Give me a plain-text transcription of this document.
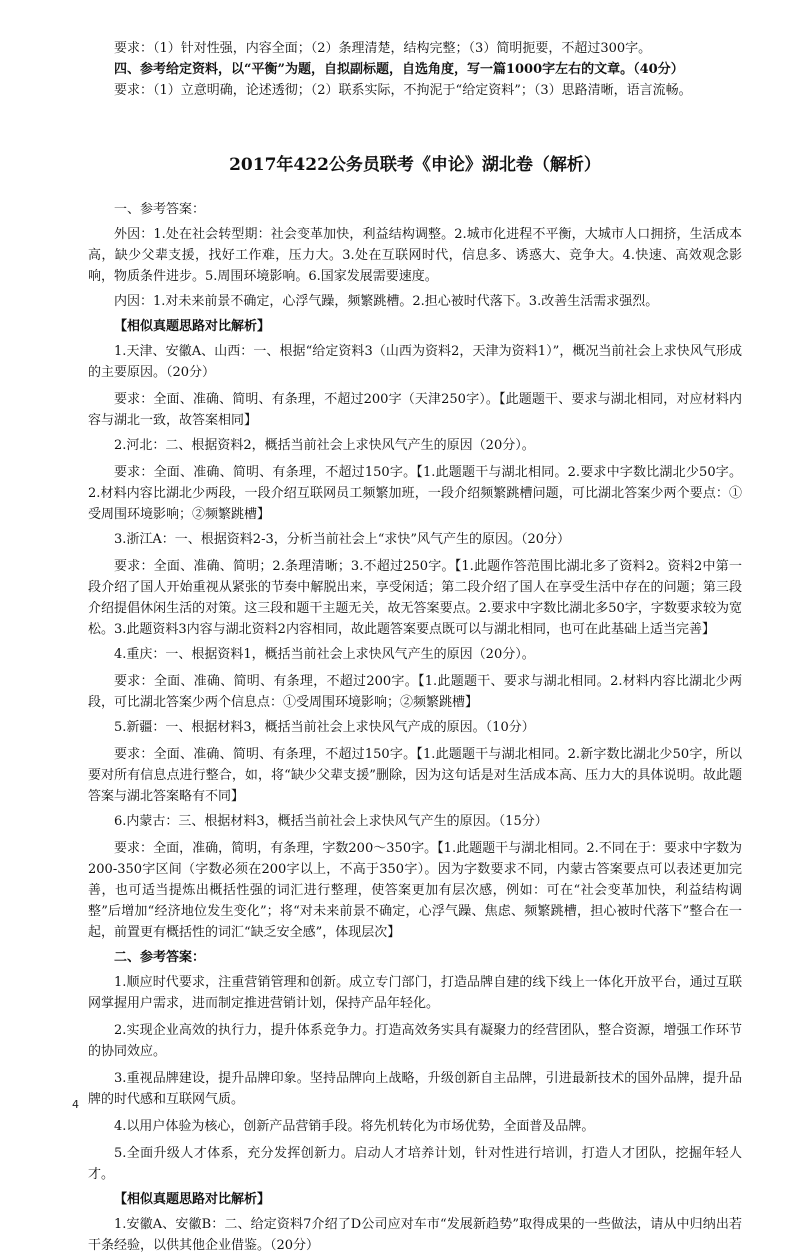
要求：（1）针对性强，内容全面；（2）条理清楚，结构完整；（3）简明扼要，不超过300字。

四、参考给定资料，以“平衡”为题，自拟副标题，自选角度，写一篇1000字左右的文章。（40分）

要求：（1）立意明确，论述透彻；（2）联系实际，不拘泥于“给定资料”；（3）思路清晰，语言流畅。

2017年422公务员联考《申论》湖北卷（解析）

一、参考答案：

外因：1.处在社会转型期：社会变革加快，利益结构调整。2.城市化进程不平衡，大城市人口拥挤，生活成本高，缺少父辈支援，找好工作难，压力大。3.处在互联网时代，信息多、诱惑大、竞争大。4.快速、高效观念影响，物质条件进步。5.周围环境影响。6.国家发展需要速度。

内因：1.对未来前景不确定，心浮气躁，频繁跳槽。2.担心被时代落下。3.改善生活需求强烈。

【相似真题思路对比解析】

1.天津、安徽A、山西：一、根据“给定资料3（山西为资料2，天津为资料1）”，概况当前社会上求快风气形成的主要原因。（20分）

要求：全面、准确、简明、有条理，不超过200字（天津250字）。【此题题干、要求与湖北相同，对应材料内容与湖北一致，故答案相同】

2.河北：二、根据资料2，概括当前社会上求快风气产生的原因（20分）。

要求：全面、准确、简明、有条理，不超过150字。【1.此题题干与湖北相同。2.要求中字数比湖北少50字。2.材料内容比湖北少两段，一段介绍互联网员工频繁加班，一段介绍频繁跳槽问题，可比湖北答案少两个要点：①受周围环境影响；②频繁跳槽】

3.浙江A：一、根据资料2-3，分析当前社会上“求快”风气产生的原因。（20分）

要求：全面、准确、简明；2.条理清晰；3.不超过250字。【1.此题作答范围比湖北多了资料2。资料2中第一段介绍了国人开始重视从紧张的节奏中解脱出来，享受闲适；第二段介绍了国人在享受生活中存在的问题；第三段介绍提倡休闲生活的对策。这三段和题干主题无关，故无答案要点。2.要求中字数比湖北多50字，字数要求较为宽松。3.此题资料3内容与湖北资料2内容相同，故此题答案要点既可以与湖北相同，也可在此基础上适当完善】

4.重庆：一、根据资料1，概括当前社会上求快风气产生的原因（20分）。

要求：全面、准确、简明、有条理，不超过200字。【1.此题题干、要求与湖北相同。2.材料内容比湖北少两段，可比湖北答案少两个信息点：①受周围环境影响；②频繁跳槽】

5.新疆：一、根据材料3，概括当前社会上求快风气产成的原因。（10分）

要求：全面、准确、简明、有条理，不超过150字。【1.此题题干与湖北相同。2.新字数比湖北少50字，所以要对所有信息点进行整合，如，将“缺少父辈支援”删除，因为这句话是对生活成本高、压力大的具体说明。故此题答案与湖北答案略有不同】

6.内蒙古：三、根据材料3，概括当前社会上求快风气产生的原因。（15分）

要求：全面，准确，简明，有条理，字数200～350字。【1.此题题干与湖北相同。2.不同在于：要求中字数为200-350字区间（字数必须在200字以上，不高于350字）。因为字数要求不同，内蒙古答案要点可以表述更加完善，也可适当提炼出概括性强的词汇进行整理，使答案更加有层次感，例如：可在“社会变革加快，利益结构调整”后增加“经济地位发生变化”；将“对未来前景不确定，心浮气躁、焦虑、频繁跳槽，担心被时代落下”整合在一起，前置更有概括性的词汇“缺乏安全感”，体现层次】

二、参考答案：

1.顺应时代要求，注重营销管理和创新。成立专门部门，打造品牌自建的线下线上一体化开放平台，通过互联网掌握用户需求，进而制定推进营销计划，保持产品年轻化。

2.实现企业高效的执行力，提升体系竞争力。打造高效务实具有凝聚力的经营团队，整合资源，增强工作环节的协同效应。

3.重视品牌建设，提升品牌印象。坚持品牌向上战略，升级创新自主品牌，引进最新技术的国外品牌，提升品牌的时代感和互联网气质。

4.以用户体验为核心，创新产品营销手段。将先机转化为市场优势，全面普及品牌。

5.全面升级人才体系，充分发挥创新力。启动人才培养计划，针对性进行培训，打造人才团队，挖掘年轻人才。

【相似真题思路对比解析】

1.安徽A、安徽B：二、给定资料7介绍了D公司应对车市“发展新趋势”取得成果的一些做法，请从中归纳出若干条经验，以供其他企业借鉴。（20分）

4
